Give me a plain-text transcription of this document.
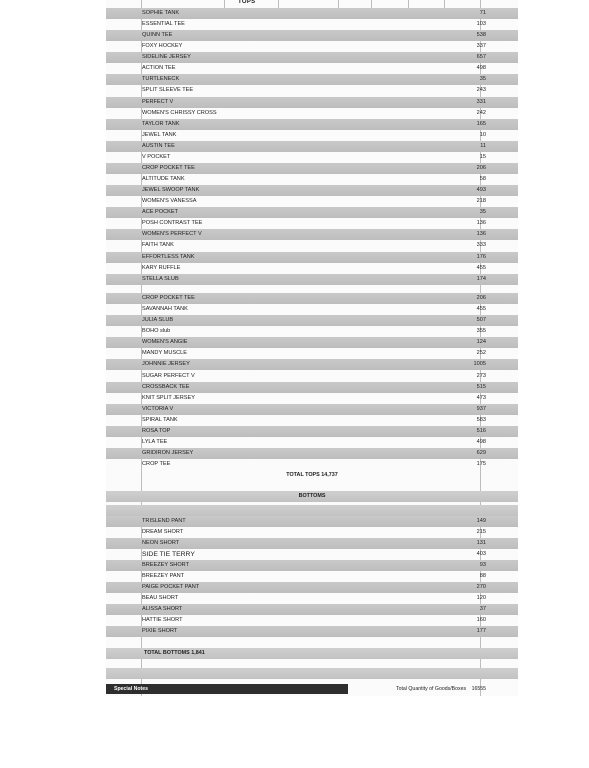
TOPS
SOPHIE TANK	71
ESSENTIAL TEE	103
QUINN TEE	538
FOXY HOCKEY	337
SIDELINE JERSEY	657
ACTION TEE	498
TURTLENECK	35
SPLIT SLEEVE TEE	243
PERFECT V	331
WOMEN'S CHRISSY CROSS	242
TAYLOR TANK	165
JEWEL TANK	10
AUSTIN TEE	11
V POCKET	15
CROP POCKET TEE	206
ALTITUDE TANK	58
JEWEL SWOOP TANK	493
WOMEN'S VANESSA	218
ACE POCKET	35
POSH CONTRAST TEE	136
WOMEN'S PERFECT V	136
FAITH TANK	333
EFFORTLESS TANK	176
KARY RUFFLE	455
STELLA SLUB	174
CROP POCKET TEE	206
SAVANNAH TANK	455
JULIA SLUB	507
BOHO slub	355
WOMEN'S ANGIE	124
MANDY MUSCLE	252
JOHNNIE JERSEY	1005
SUGAR PERFECT V	273
CROSSBACK TEE	515
KNIT SPLIT JERSEY	473
VICTORIA V	937
SPIRAL TANK	583
ROSA TOP	516
LYLA TEE	498
GRIDIRON JERSEY	629
CROP TEE	175
TOTAL TOPS 14,737
BOTTOMS
TRISLEND PANT	149
DREAM SHORT	215
NEON SHORT	131
SIDE TIE TERRY	403
BREEZEY SHORT	93
BREEZEY PANT	88
PAIGE POCKET PANT	270
BEAU SHORT	120
ALISSA SHORT	37
HATTIE SHORT	160
PIXIE SHORT	177
TOTAL BOTTOMS 1,841
Special Notes	Total Quantity of Goods/Boxes 16555
